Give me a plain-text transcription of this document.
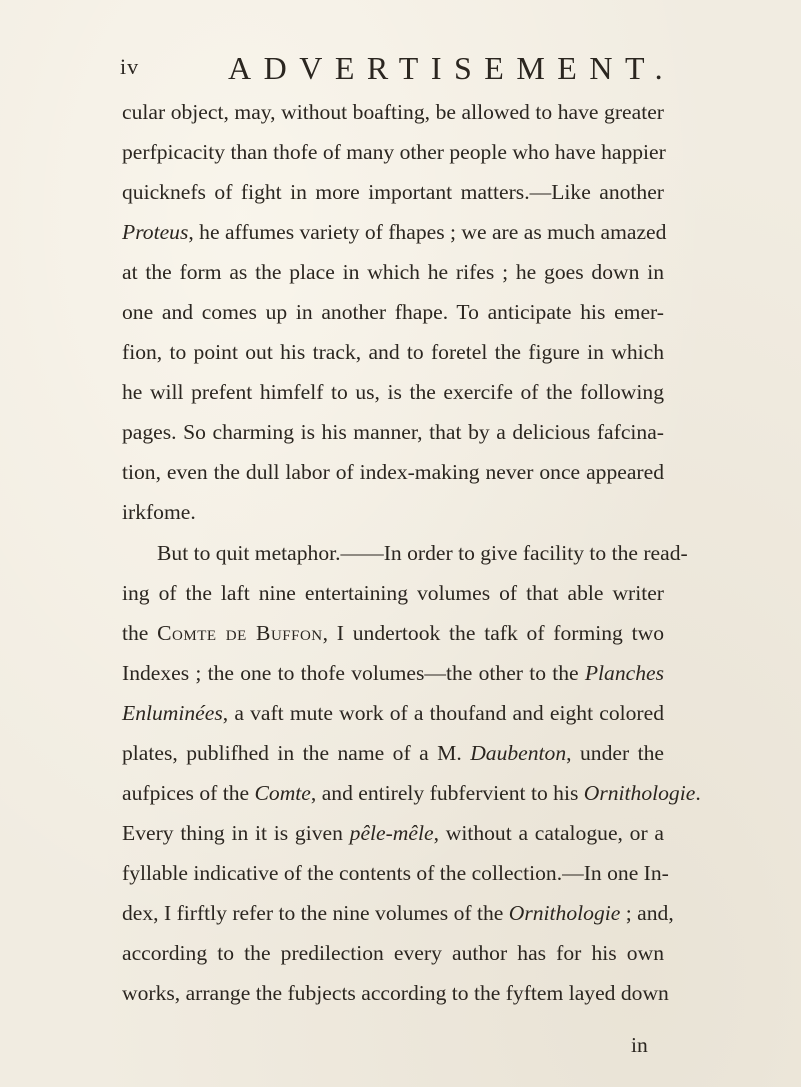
iv	ADVERTISEMENT.
cular object, may, without boafting, be allowed to have greater
perfpicacity than thofe of many other people who have happier
quicknefs of fight in more important matters.—Like another
Proteus, he affumes variety of fhapes ; we are as much amazed
at the form as the place in which he rifes ; he goes down in
one and comes up in another fhape. To anticipate his emer-
fion, to point out his track, and to foretel the figure in which
he will prefent himfelf to us, is the exercife of the following
pages. So charming is his manner, that by a delicious fafcina-
tion, even the dull labor of index-making never once appeared
irkfome.
But to quit metaphor.——In order to give facility to the read-
ing of the laft nine entertaining volumes of that able writer
the Comte de Buffon, I undertook the tafk of forming two
Indexes ; the one to thofe volumes—the other to the Planches
Enluminées, a vaft mute work of a thoufand and eight colored
plates, publifhed in the name of a M. Daubenton, under the
aufpices of the Comte, and entirely fubfervient to his Ornithologie.
Every thing in it is given pêle-mêle, without a catalogue, or a
fyllable indicative of the contents of the collection.—In one In-
dex, I firftly refer to the nine volumes of the Ornithologie ; and,
according to the predilection every author has for his own
works, arrange the fubjects according to the fyftem layed down
in
